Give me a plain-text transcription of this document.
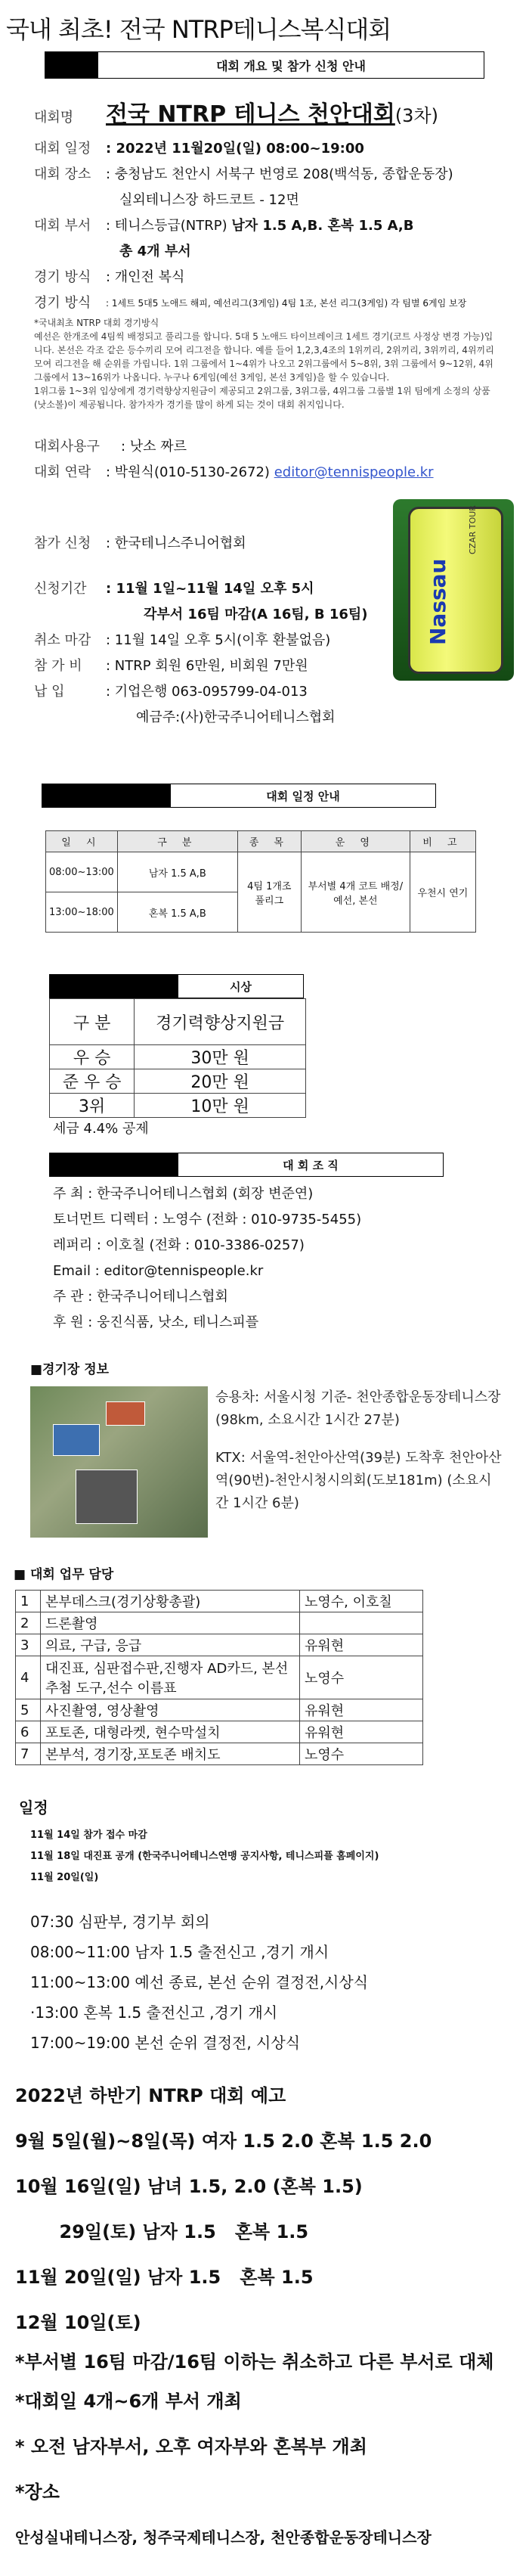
국내 최초! 전국 NTRP테니스복식대회
대회 개요 및 참가 신청 안내
대회명	전국 NTRP 테니스 천안대회 (3차)
대회 일정	: 2022년 11월20일(일) 08:00~19:00
대회 장소	: 충청남도 천안시 서북구 번영로 208(백석동, 종합운동장)
실외테니스장 하드코트 - 12면
대회 부서	: 테니스등급(NTRP)
남자 1.5 A,B. 혼복 1.5 A,B
총 4개 부서
경기 방식	: 개인전 복식
경기 방식	: 1세트 5대5 노애드 해피, 예선리그(3게임) 4팀 1조, 본선 리그(3게임) 각 팀별 6게임 보장
*국내최초 NTRP 대회 경기방식
예선은 한개조에 4팀씩 배정되고 풀리그를 합니다. 5대 5 노애드 타이브레이크 1세트 경기(코트 사정상 변경 가능)입니다. 본선은 각조 같은 등수끼리 모여 리그전을 합니다. 예를 들어 1,2,3,4조의 1위끼리, 2위끼리, 3위끼리, 4위끼리 모여 리그전을 해 순위를 가립니다. 1위 그룹에서 1~4위가 나오고 2위그룹에서 5~8위, 3위 그룹에서 9~12위, 4위 그룹에서 13~16위가 나옵니다. 누구나 6게임(예선 3게임, 본선 3게임)을 할 수 있습니다.
1위그룹 1~3위 입상에게 경기력향상지원금이 제공되고 2위그룹, 3위그룹, 4위그룹 그룹별 1위 팀에게 소정의 상품(낫소볼)이 제공됩니다. 참가자가 경기를 많이 하게 되는 것이 대회 취지입니다.
대회사용구	: 낫소 짜르
대회 연락	: 박원식(010-5130-2672)
editor@tennispeople.kr
참가 신청	: 한국테니스주니어협회
신청기간	: 11월 1일~11월 14일 오후 5시
각부서 16팀 마감(A 16팀, B 16팀)
취소 마감	: 11월 14일 오후 5시(이후 환불없음)
참 가 비	: NTRP 회원 6만원, 비회원 7만원
납 입	: 기업은행 063-095799-04-013
예금주:(사)한국주니어테니스협회
Nassau
CZAR TOUR
대회 일정 안내
일 시	구 분	종 목	운 영	비 고
08:00~13:00	남자 1.5 A,B	4팀 1개조 풀리그	부서별 4개 코트 배정/예선, 본선	우천시 연기
13:00~18:00	혼복 1.5 A,B			
시상
구 분	경기력향상지원금
우 승	30만 원
준 우 승	20만 원
3위	10만 원
세금 4.4% 공제
대 회 조 직
주 최 : 한국주니어테니스협회 (회장 변준연)
토너먼트 디렉터 : 노영수 (전화 : 010-9735-5455)
레퍼리 : 이호칠 (전화 : 010-3386-0257)
Email : editor@tennispeople.kr
주 관 : 한국주니어테니스협회
후 원 : 웅진식품, 낫소, 테니스피플
■경기장 정보
승용차: 서울시청 기준- 천안종합운동장테니스장(98km, 소요시간 1시간 27분)
KTX: 서울역-천안아산역(39분) 도착후 천안아산역(90번)-천안시청시의회(도보181m) (소요시간 1시간 6분)
■ 대회 업무 담당
1	본부데스크(경기상황총괄)	노영수, 이호칠
2	드론촬영	
3	의료, 구급, 응급	유워현
4	대진표, 심판접수판,진행자 AD카드, 본선추첨 도구,선수 이름표	노영수
5	사진촬영, 영상촬영	유워현
6	포토존, 대형라켓, 현수막설치	유워현
7	본부석, 경기장,포토존 배치도	노영수
일정
11월 14일 참가 접수 마감
11월 18일 대진표 공개 (한국주니어테니스연맹 공지사항, 테니스피플 홈페이지)
11월 20일(일)
07:30 심판부, 경기부 회의
08:00~11:00 남자 1.5 출전신고 ,경기 개시
11:00~13:00 예선 종료, 본선 순위 결정전,시상식
·13:00 혼복 1.5 출전신고 ,경기 개시
17:00~19:00 본선 순위 결정전, 시상식
2022년 하반기 NTRP 대회 예고
9월 5일(월)~8일(목) 여자 1.5 2.0 혼복 1.5 2.0
10월 16일(일) 남녀 1.5, 2.0 (혼복 1.5)
29일(토) 남자 1.5   혼복 1.5
11월 20일(일) 남자 1.5   혼복 1.5
12월 10일(토)
*부서별 16팀 마감/16팀 이하는 취소하고 다른 부서로 대체
*대회일 4개~6개 부서 개최
* 오전 남자부서, 오후 여자부와 혼복부 개최
*장소
안성실내테니스장, 청주국제테니스장, 천안종합운동장테니스장
